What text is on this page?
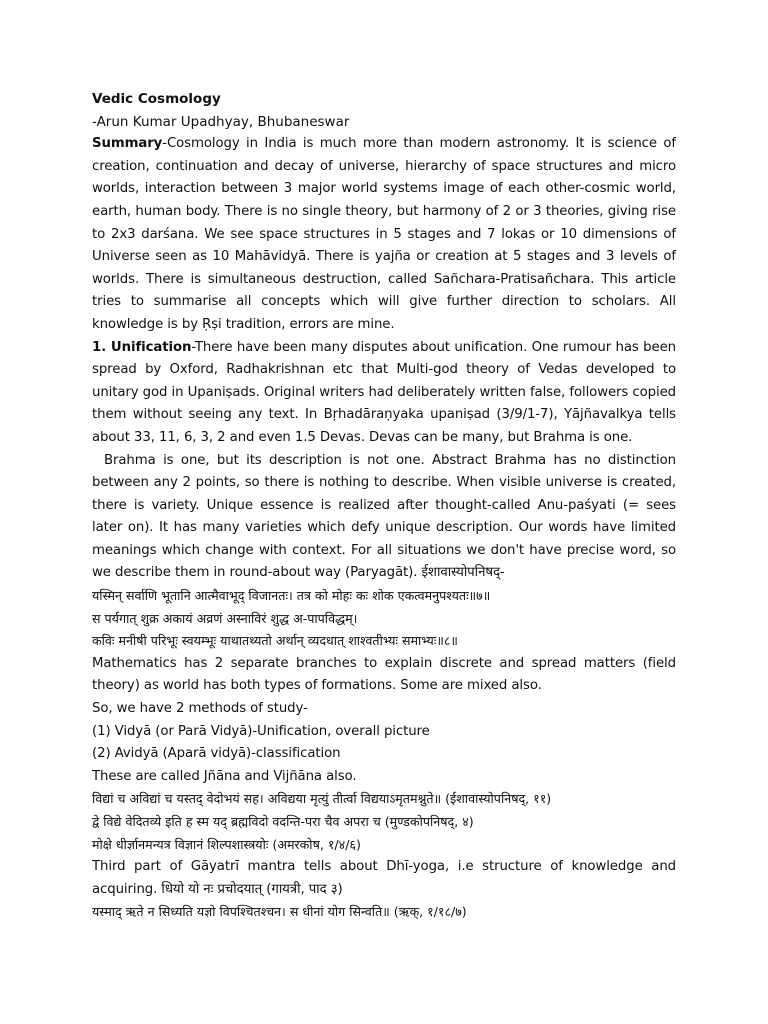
Vedic Cosmology

-Arun Kumar Upadhyay, Bhubaneswar

Summary-Cosmology in India is much more than modern astronomy. It is science of creation, continuation and decay of universe, hierarchy of space structures and micro worlds, interaction between 3 major world systems image of each other-cosmic world, earth, human body. There is no single theory, but harmony of 2 or 3 theories, giving rise to 2x3 darśana. We see space structures in 5 stages and 7 lokas or 10 dimensions of Universe seen as 10 Mahāvidyā. There is yajña or creation at 5 stages and 3 levels of worlds. There is simultaneous destruction, called Sañchara-Pratisañchara. This article tries to summarise all concepts which will give further direction to scholars. All knowledge is by Ṛṣi tradition, errors are mine.

1. Unification-There have been many disputes about unification. One rumour has been spread by Oxford, Radhakrishnan etc that Multi-god theory of Vedas developed to unitary god in Upaniṣads. Original writers had deliberately written false, followers copied them without seeing any text. In Bṛhadāraṇyaka upaniṣad (3/9/1-7), Yājñavalkya tells about 33, 11, 6, 3, 2 and even 1.5 Devas. Devas can be many, but Brahma is one.

Brahma is one, but its description is not one. Abstract Brahma has no distinction between any 2 points, so there is nothing to describe. When visible universe is created, there is variety. Unique essence is realized after thought-called Anu-paśyati (= sees later on). It has many varieties which defy unique description. Our words have limited meanings which change with context. For all situations we don't have precise word, so we describe them in round-about way (Paryagāt). ईशावास्योपनिषद्-

यस्मिन् सर्वाणि भूतानि आत्मैवाभूद् विजानतः। तत्र को मोहः कः शोक एकत्वमनुपश्यतः॥७॥

स पर्यगात् शुक्र अकायं अव्रणं अस्नाविरं शुद्ध अ-पापविद्धम्।

कविः मनीषी परिभूः स्वयम्भूः याथातथ्यतो अर्थान् व्यदधात् शाश्वतीभ्यः समाभ्यः॥८॥

Mathematics has 2 separate branches to explain discrete and spread matters (field theory) as world has both types of formations. Some are mixed also.

So, we have 2 methods of study-

(1) Vidyā (or Parā Vidyā)-Unification, overall picture

(2) Avidyā (Aparā vidyā)-classification

These are called Jñāna and Vijñāna also.

विद्यां च अविद्यां च यस्तद् वेदोभयं सह। अविद्यया मृत्युं तीर्त्वा विद्ययाऽमृतमश्नुते॥ (ईशावास्योपनिषद्, ११)

द्वे विद्ये वेदितव्ये इति ह स्म यद् ब्रह्मविदो वदन्ति-परा चैव अपरा च (मुण्डकोपनिषद्, ४)

मोक्षे धीर्ज्ञानमन्यत्र विज्ञानं शिल्पशास्त्रयोः (अमरकोष, १/४/६)

Third part of Gāyatrī mantra tells about Dhī-yoga, i.e structure of knowledge and acquiring. धियो यो नः प्रचोदयात् (गायत्री, पाद ३)

यस्माद् ऋते न सिध्यति यज्ञो विपश्चितश्चन। स धीनां योग सिन्वति॥ (ऋक्, १/१८/७)
